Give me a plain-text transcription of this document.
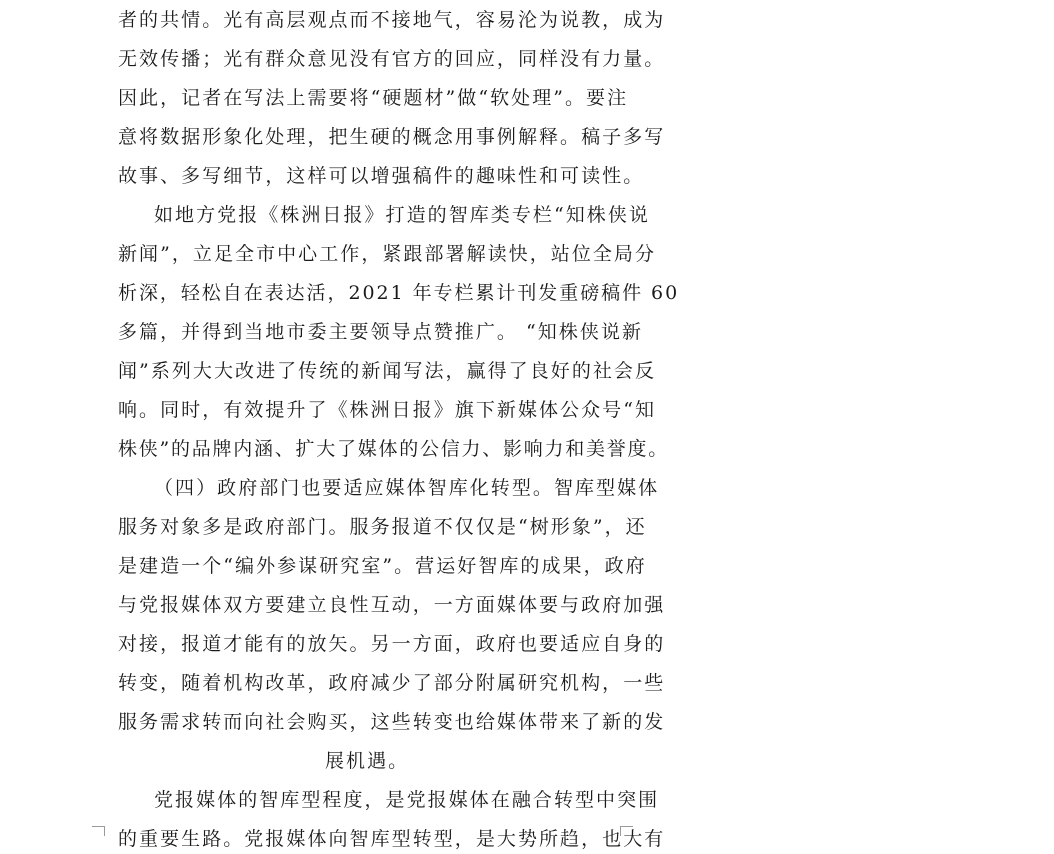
者的共情。光有高层观点而不接地气，容易沦为说教，成为
无效传播；光有群众意见没有官方的回应，同样没有力量。
因此，记者在写法上需要将“硬题材”做“软处理”。要注
意将数据形象化处理，把生硬的概念用事例解释。稿子多写
故事、多写细节，这样可以增强稿件的趣味性和可读性。
如地方党报《株洲日报》打造的智库类专栏“知株侠说
新闻”，立足全市中心工作，紧跟部署解读快，站位全局分
析深，轻松自在表达活，2021 年专栏累计刊发重磅稿件 60
多篇，并得到当地市委主要领导点赞推广。 “知株侠说新
闻”系列大大改进了传统的新闻写法，赢得了良好的社会反
响。同时，有效提升了《株洲日报》旗下新媒体公众号“知
株侠”的品牌内涵、扩大了媒体的公信力、影响力和美誉度。
（四）政府部门也要适应媒体智库化转型。智库型媒体
服务对象多是政府部门。服务报道不仅仅是“树形象”，还
是建造一个“编外参谋研究室”。营运好智库的成果，政府
与党报媒体双方要建立良性互动，一方面媒体要与政府加强
对接，报道才能有的放矢。另一方面，政府也要适应自身的
转变，随着机构改革，政府减少了部分附属研究机构，一些
服务需求转而向社会购买，这些转变也给媒体带来了新的发
展机遇。
党报媒体的智库型程度，是党报媒体在融合转型中突围
的重要生路。党报媒体向智库型转型，是大势所趋，也大有
